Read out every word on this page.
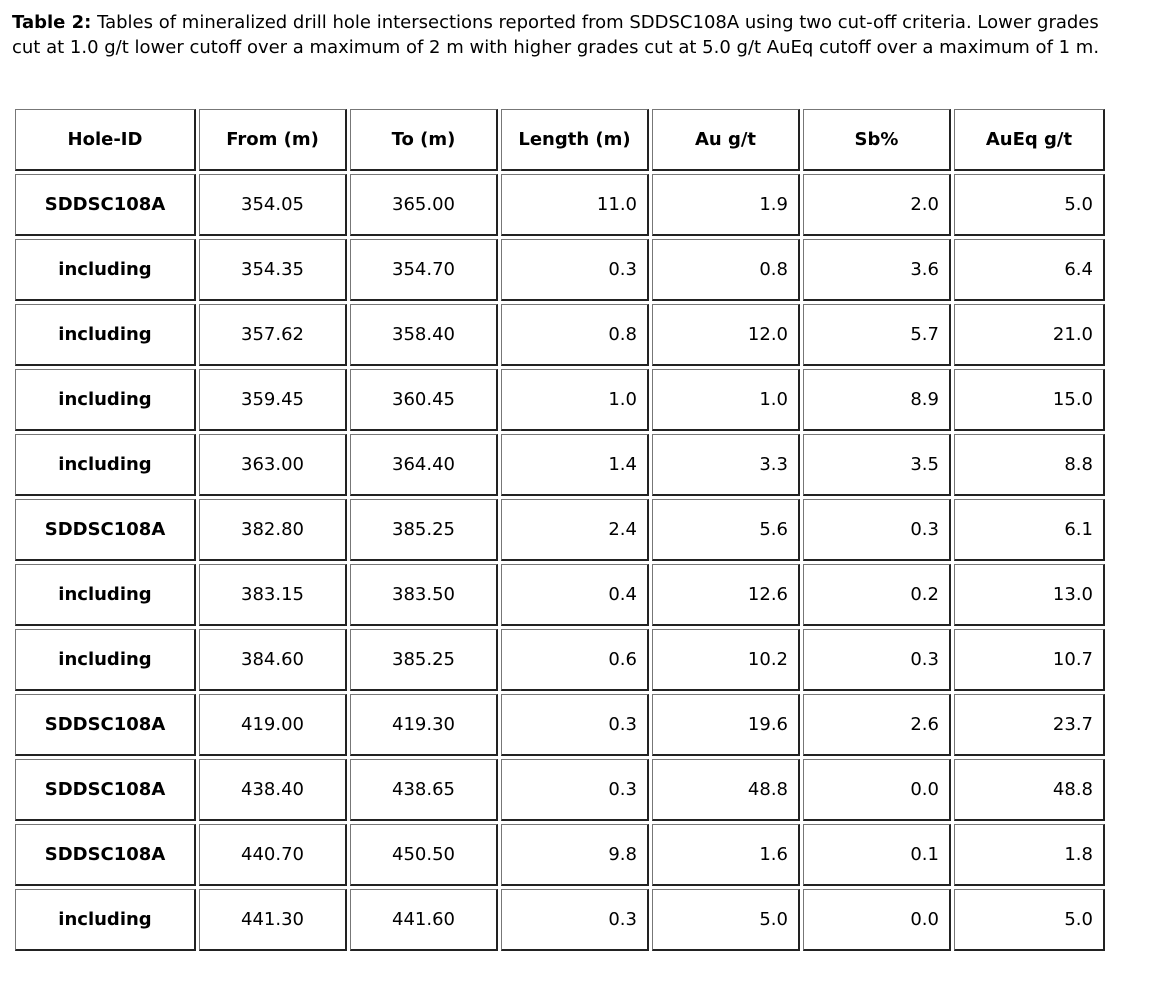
Table 2: Tables of mineralized drill hole intersections reported from SDDSC108A using two cut-off criteria. Lower grades cut at 1.0 g/t lower cutoff over a maximum of 2 m with higher grades cut at 5.0 g/t AuEq cutoff over a maximum of 1 m.
Hole-ID	From (m)	To (m)	Length (m)	Au g/t	Sb%	AuEq g/t
SDDSC108A	354.05	365.00	11.0	1.9	2.0	5.0
including	354.35	354.70	0.3	0.8	3.6	6.4
including	357.62	358.40	0.8	12.0	5.7	21.0
including	359.45	360.45	1.0	1.0	8.9	15.0
including	363.00	364.40	1.4	3.3	3.5	8.8
SDDSC108A	382.80	385.25	2.4	5.6	0.3	6.1
including	383.15	383.50	0.4	12.6	0.2	13.0
including	384.60	385.25	0.6	10.2	0.3	10.7
SDDSC108A	419.00	419.30	0.3	19.6	2.6	23.7
SDDSC108A	438.40	438.65	0.3	48.8	0.0	48.8
SDDSC108A	440.70	450.50	9.8	1.6	0.1	1.8
including	441.30	441.60	0.3	5.0	0.0	5.0
